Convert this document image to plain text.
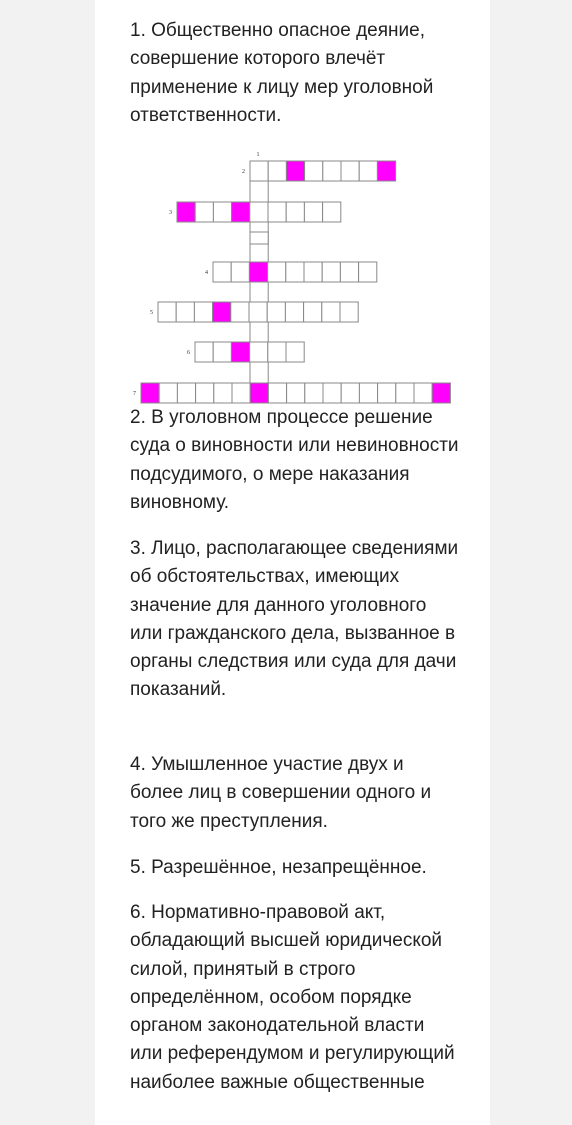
1. Общественно опасное деяние, совершение которого влечёт применение к лицу мер уголовной ответственности.

1
2
3
4
5
6
7

2. В уголовном процессе решение суда о виновности или невиновности подсудимого, о мере наказания виновному.

3. Лицо, располагающее сведениями об обстоятельствах, имеющих значение для данного уголовного или гражданского дела, вызванное в органы следствия или суда для дачи показаний.

4. Умышленное участие двух и более лиц в совершении одного и того же преступления.

5. Разрешённое, незапрещённое.

6. Нормативно-правовой акт, обладающий высшей юридической силой, принятый в строго определённом, особом порядке органом законодательной власти или референдумом и регулирующий наиболее важные общественные
